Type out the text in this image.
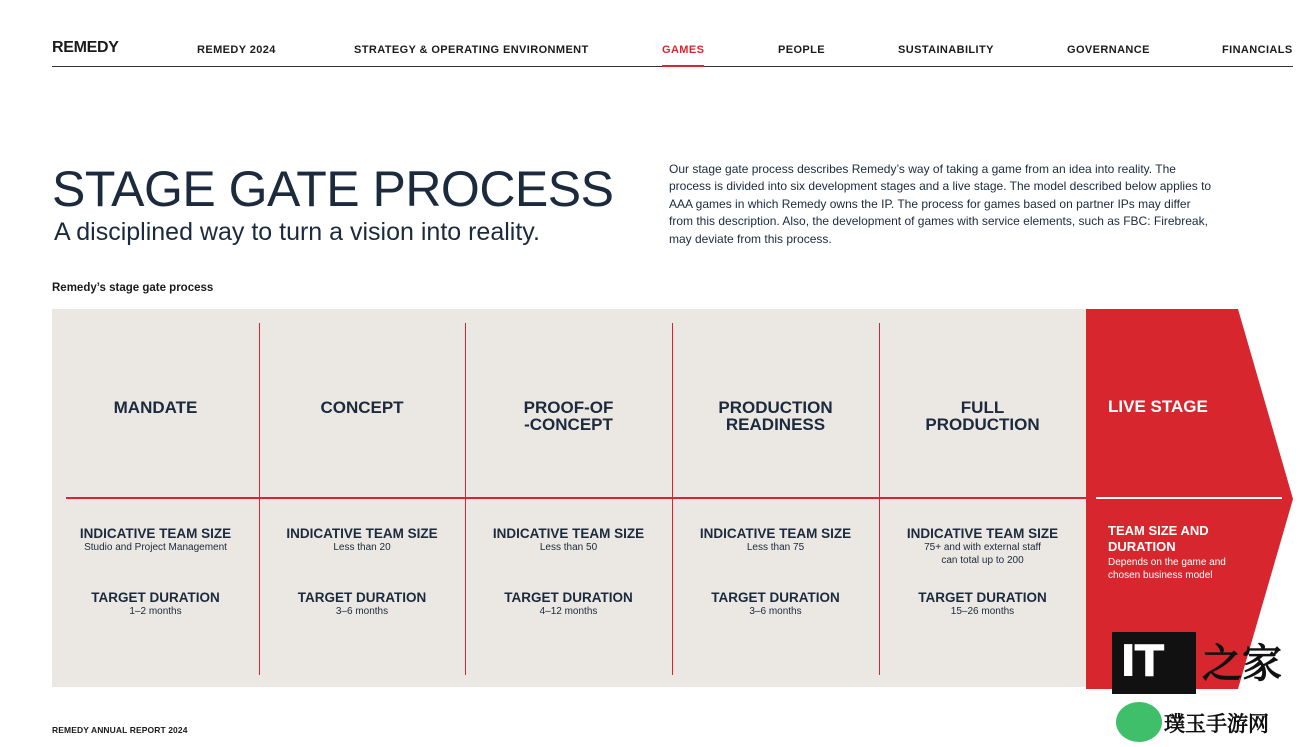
REMEDY	REMEDY 2024	STRATEGY & OPERATING ENVIRONMENT	GAMES	PEOPLE	SUSTAINABILITY	GOVERNANCE	FINANCIALS
STAGE GATE PROCESS
A disciplined way to turn a vision into reality.
Our stage gate process describes Remedy’s way of taking a game from an idea into reality. The process is divided into six development stages and a live stage. The model described below applies to AAA games in which Remedy owns the IP. The process for games based on partner IPs may differ from this description. Also, the development of games with service elements, such as FBC: Firebreak, may deviate from this process.
Remedy’s stage gate process
MANDATE
INDICATIVE TEAM SIZE
Studio and Project Management
TARGET DURATION
1–2 months
CONCEPT
INDICATIVE TEAM SIZE
Less than 20
TARGET DURATION
3–6 months
PROOF-OF
-CONCEPT
INDICATIVE TEAM SIZE
Less than 50
TARGET DURATION
4–12 months
PRODUCTION
READINESS
INDICATIVE TEAM SIZE
Less than 75
TARGET DURATION
3–6 months
FULL
PRODUCTION
INDICATIVE TEAM SIZE
75+ and with external staff
can total up to 200
TARGET DURATION
15–26 months
LIVE STAGE
TEAM SIZE AND
DURATION
Depends on the game and
chosen business model
REMEDY ANNUAL REPORT 2024
IT 之家
璞玉手游网
